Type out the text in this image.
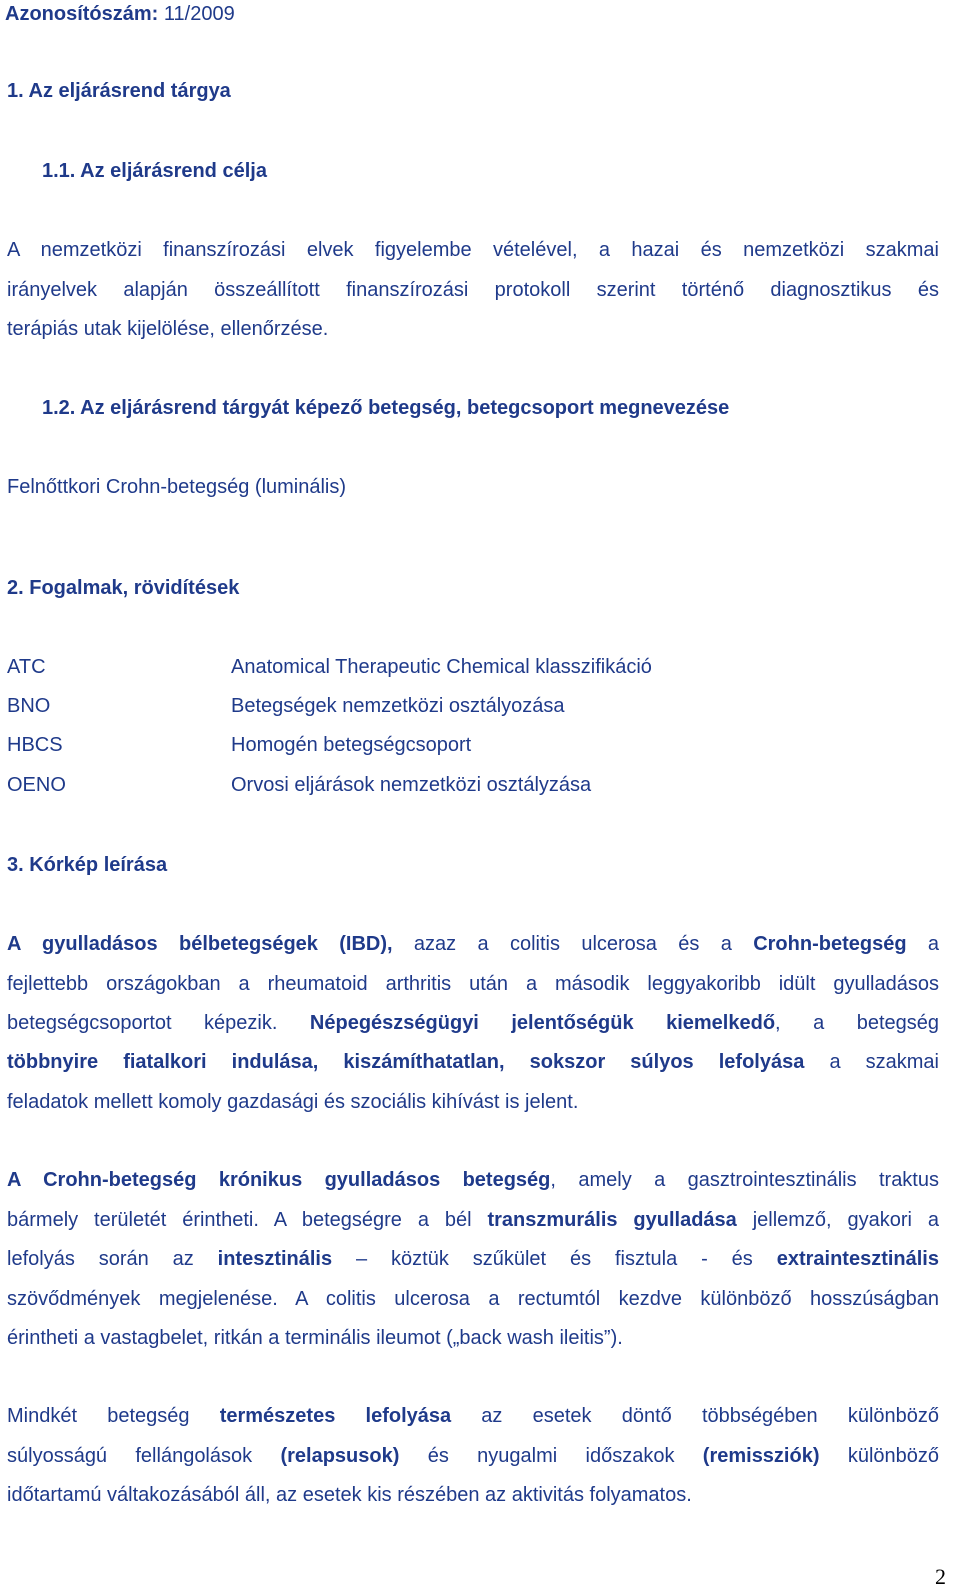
Azonosítószám: 11/2009
1. Az eljárásrend tárgya
1.1. Az eljárásrend célja
A nemzetközi finanszírozási elvek figyelembe vételével, a hazai és nemzetközi szakmai
irányelvek alapján összeállított finanszírozási protokoll szerint történő diagnosztikus és
terápiás utak kijelölése, ellenőrzése.
1.2. Az eljárásrend tárgyát képező betegség, betegcsoport megnevezése
Felnőttkori Crohn-betegség (luminális)
2. Fogalmak, rövidítések
ATC	Anatomical Therapeutic Chemical klasszifikáció
BNO	Betegségek nemzetközi osztályozása
HBCS	Homogén betegségcsoport
OENO	Orvosi eljárások nemzetközi osztályzása
3. Kórkép leírása
A gyulladásos bélbetegségek (IBD), azaz a colitis ulcerosa és a Crohn-betegség a
fejlettebb országokban a rheumatoid arthritis után a második leggyakoribb idült gyulladásos
betegségcsoportot képezik. Népegészségügyi jelentőségük kiemelkedő, a betegség
többnyire fiatalkori indulása, kiszámíthatatlan, sokszor súlyos lefolyása a szakmai
feladatok mellett komoly gazdasági és szociális kihívást is jelent.
A Crohn-betegség krónikus gyulladásos betegség, amely a gasztrointesztinális traktus
bármely területét érintheti. A betegségre a bél transzmurális gyulladása jellemző, gyakori a
lefolyás során az intesztinális – köztük szűkület és fisztula - és extraintesztinális
szövődmények megjelenése. A colitis ulcerosa a rectumtól kezdve különböző hosszúságban
érintheti a vastagbelet, ritkán a terminális ileumot („back wash ileitis”).
Mindkét betegség természetes lefolyása az esetek döntő többségében különböző
súlyosságú fellángolások (relapsusok) és nyugalmi időszakok (remissziók) különböző
időtartamú váltakozásából áll, az esetek kis részében az aktivitás folyamatos.
2
